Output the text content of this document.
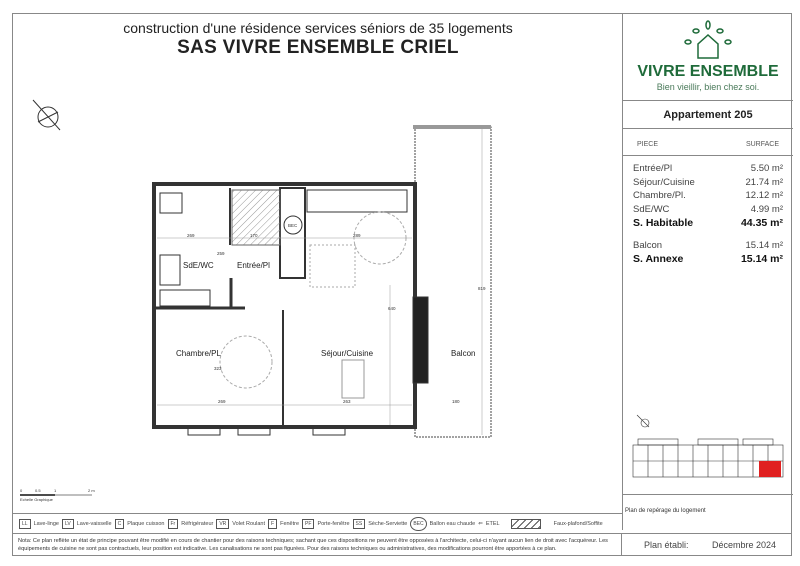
construction d'une résidence services séniors de 35 logements
SAS VIVRE ENSEMBLE CRIEL
SdE/WC	Entrée/Pl
Chambre/PL	Séjour/Cuisine	Balcon
BEC
269	170	289
640
323
263	180
819
259
269
0	0.5	1	2 m
Echelle Graphique
VIVRE ENSEMBLE
Bien vieillir, bien chez soi.
Appartement 205
PIECE	SURFACE
Entrée/Pl	5.50 m²
Séjour/Cuisine	21.74 m²
Chambre/Pl.	12.12 m²
SdE/WC	4.99 m²
S. Habitable	44.35 m²
Balcon	15.14 m²
S. Annexe	15.14 m²
Plan de repérage du logement
LL	Lave-linge	LV	Lave-vaisselle	C	Plaque cuisson	Fr	Réfrigérateur	VR	Volet Roulant	F	Fenêtre	PF	Porte-fenêtre	SS	Sèche-Serviette	BEC	Ballon eau chaude ⇐ ETEL	Faux-plafond/Soffite
Nota: Ce plan reflète un état de principe pouvant être modifié en cours de chantier pour des raisons techniques; sachant que ces dispositions ne peuvent être opposées à l'architecte, celui-ci n'ayant aucun lien de droit avec l'acquéreur. Les équipements de cuisine ne sont pas contractuels, leur position est indicative. Les canalisations ne sont pas figurées. Pour des raisons techniques ou administratives, des modifications pourront être apportées à ce plan.	Plan établi:	Décembre 2024
